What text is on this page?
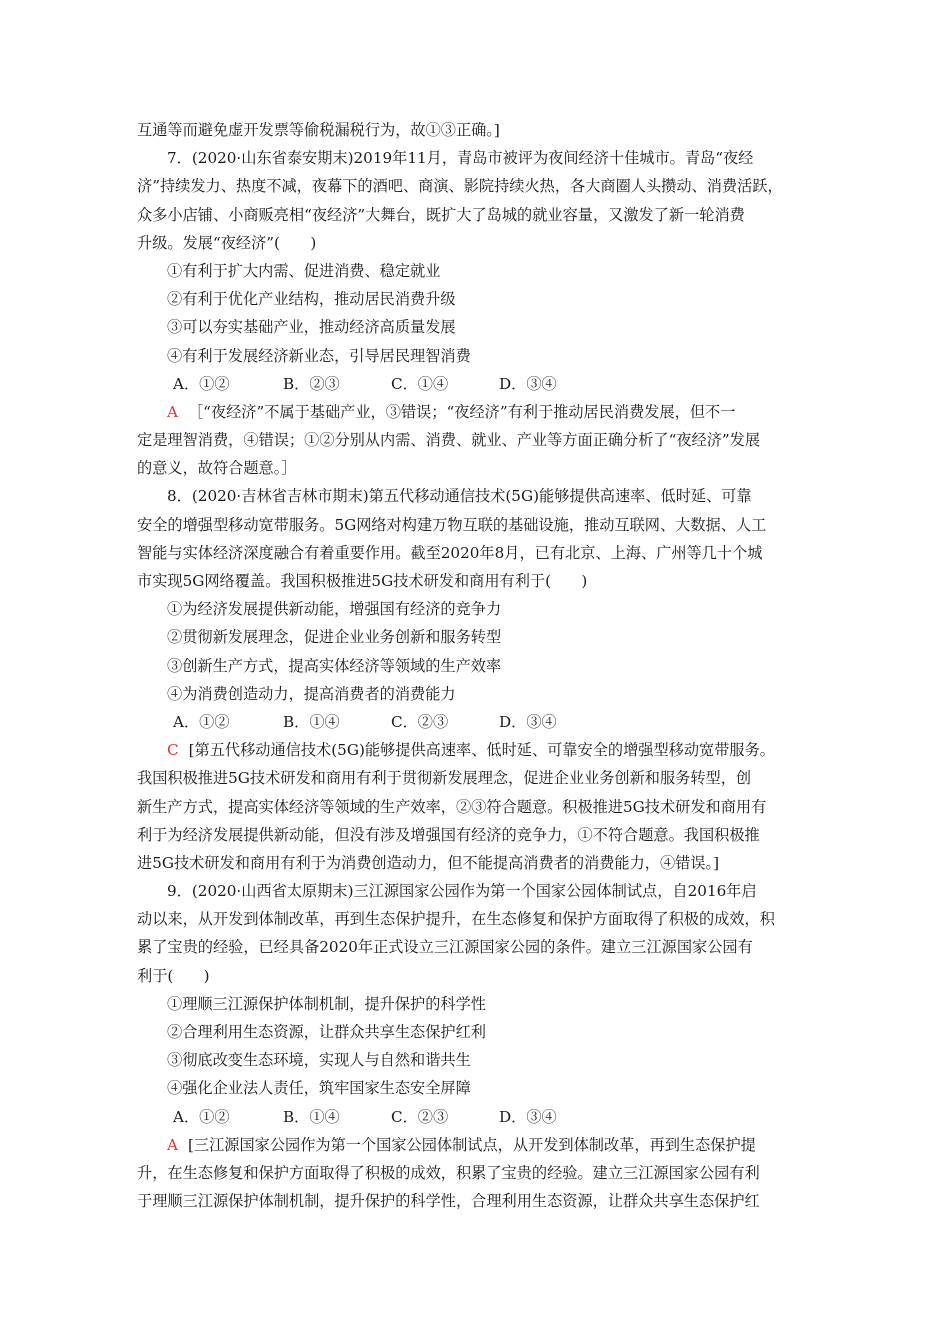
互通等而避免虚开发票等偷税漏税行为，故①③正确。]
7．(2020·山东省泰安期末)2019年11月，青岛市被评为夜间经济十佳城市。青岛“夜经
济”持续发力、热度不减，夜幕下的酒吧、商演、影院持续火热，各大商圈人头攒动、消费活跃，
众多小店铺、小商贩亮相“夜经济”大舞台，既扩大了岛城的就业容量，又激发了新一轮消费
升级。发展“夜经济”(　　)
①有利于扩大内需、促进消费、稳定就业
②有利于优化产业结构，推动居民消费升级
③可以夯实基础产业，推动经济高质量发展
④有利于发展经济新业态，引导居民理智消费
A．①②	B．②③	C．①④	D．③④
A ［“夜经济”不属于基础产业，③错误；“夜经济”有利于推动居民消费发展，但不一
定是理智消费，④错误；①②分别从内需、消费、就业、产业等方面正确分析了“夜经济”发展
的意义，故符合题意。］
8．(2020·吉林省吉林市期末)第五代移动通信技术(5G)能够提供高速率、低时延、可靠
安全的增强型移动宽带服务。5G网络对构建万物互联的基础设施，推动互联网、大数据、人工
智能与实体经济深度融合有着重要作用。截至2020年8月，已有北京、上海、广州等几十个城
市实现5G网络覆盖。我国积极推进5G技术研发和商用有利于(　　)
①为经济发展提供新动能，增强国有经济的竞争力
②贯彻新发展理念，促进企业业务创新和服务转型
③创新生产方式，提高实体经济等领域的生产效率
④为消费创造动力，提高消费者的消费能力
A．①②	B．①④	C．②③	D．③④
C [第五代移动通信技术(5G)能够提供高速率、低时延、可靠安全的增强型移动宽带服务。
我国积极推进5G技术研发和商用有利于贯彻新发展理念，促进企业业务创新和服务转型，创
新生产方式，提高实体经济等领域的生产效率，②③符合题意。积极推进5G技术研发和商用有
利于为经济发展提供新动能，但没有涉及增强国有经济的竞争力，①不符合题意。我国积极推
进5G技术研发和商用有利于为消费创造动力，但不能提高消费者的消费能力，④错误。]
9．(2020·山西省太原期末)三江源国家公园作为第一个国家公园体制试点，自2016年启
动以来，从开发到体制改革，再到生态保护提升，在生态修复和保护方面取得了积极的成效，积
累了宝贵的经验，已经具备2020年正式设立三江源国家公园的条件。建立三江源国家公园有
利于(　　)
①理顺三江源保护体制机制，提升保护的科学性
②合理利用生态资源，让群众共享生态保护红利
③彻底改变生态环境，实现人与自然和谐共生
④强化企业法人责任，筑牢国家生态安全屏障
A．①②	B．①④	C．②③	D．③④
A [三江源国家公园作为第一个国家公园体制试点，从开发到体制改革，再到生态保护提
升，在生态修复和保护方面取得了积极的成效，积累了宝贵的经验。建立三江源国家公园有利
于理顺三江源保护体制机制，提升保护的科学性，合理利用生态资源，让群众共享生态保护红
